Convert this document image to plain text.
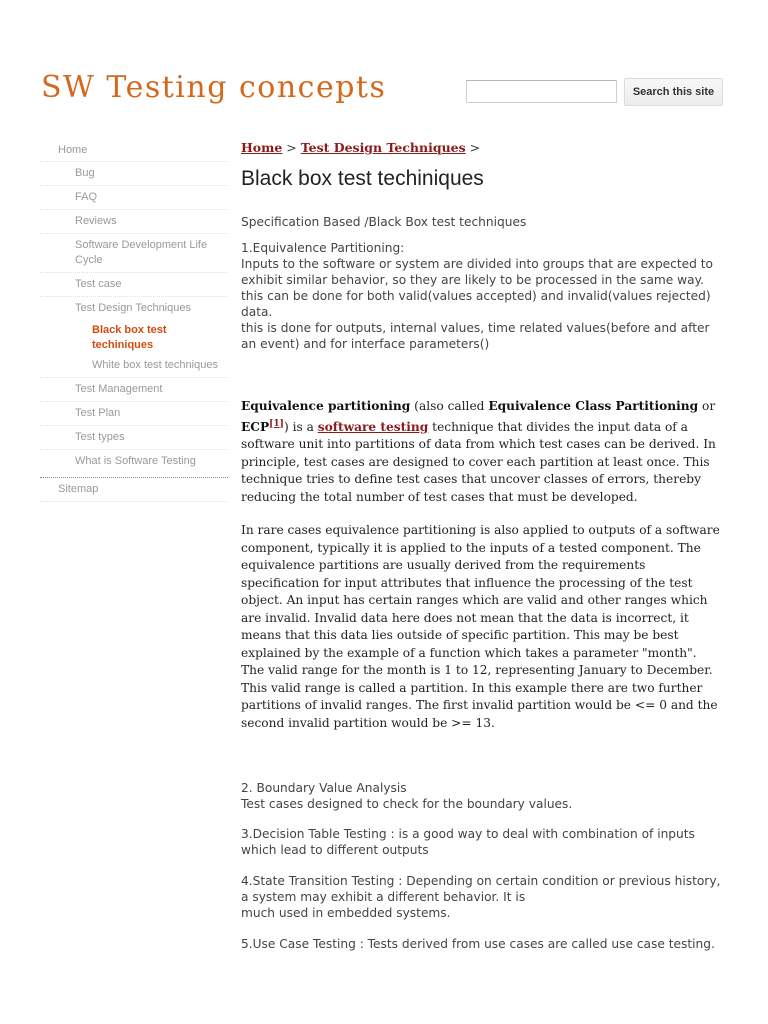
SW Testing concepts	Search this site
Home
Bug
FAQ
Reviews
Software Development Life Cycle
Test case
Test Design Techniques
Black box test techiniques
White box test techniques
Test Management
Test Plan
Test types
What is Software Testing
Sitemap
Home > Test Design Techniques >
Black box test techiniques

Specification Based /Black Box test techniques

1.Equivalence Partitioning:

Inputs to the software or system are divided into groups that are expected to exhibit similar behavior, so they are likely to be processed in the same way.

this can be done for both valid(values accepted) and invalid(values rejected) data.

this is done for outputs, internal values, time related values(before and after an event) and for interface parameters()

Equivalence partitioning (also called Equivalence Class Partitioning or ECP[1]) is a software testing technique that divides the input data of a software unit into partitions of data from which test cases can be derived. In principle, test cases are designed to cover each partition at least once. This technique tries to define test cases that uncover classes of errors, thereby reducing the total number of test cases that must be developed.

In rare cases equivalence partitioning is also applied to outputs of a software component, typically it is applied to the inputs of a tested component. The equivalence partitions are usually derived from the requirements specification for input attributes that influence the processing of the test object. An input has certain ranges which are valid and other ranges which are invalid. Invalid data here does not mean that the data is incorrect, it means that this data lies outside of specific partition. This may be best explained by the example of a function which takes a parameter "month". The valid range for the month is 1 to 12, representing January to December. This valid range is called a partition. In this example there are two further partitions of invalid ranges. The first invalid partition would be <= 0 and the second invalid partition would be >= 13.

2. Boundary Value Analysis

Test cases designed to check for the boundary values.

3.Decision Table Testing : is a good way to deal with combination of inputs which lead to different outputs

4.State Transition Testing : Depending on certain condition or previous history, a system may exhibit a different behavior. It is

much used in embedded systems.

5.Use Case Testing : Tests derived from use cases are called use case testing.
